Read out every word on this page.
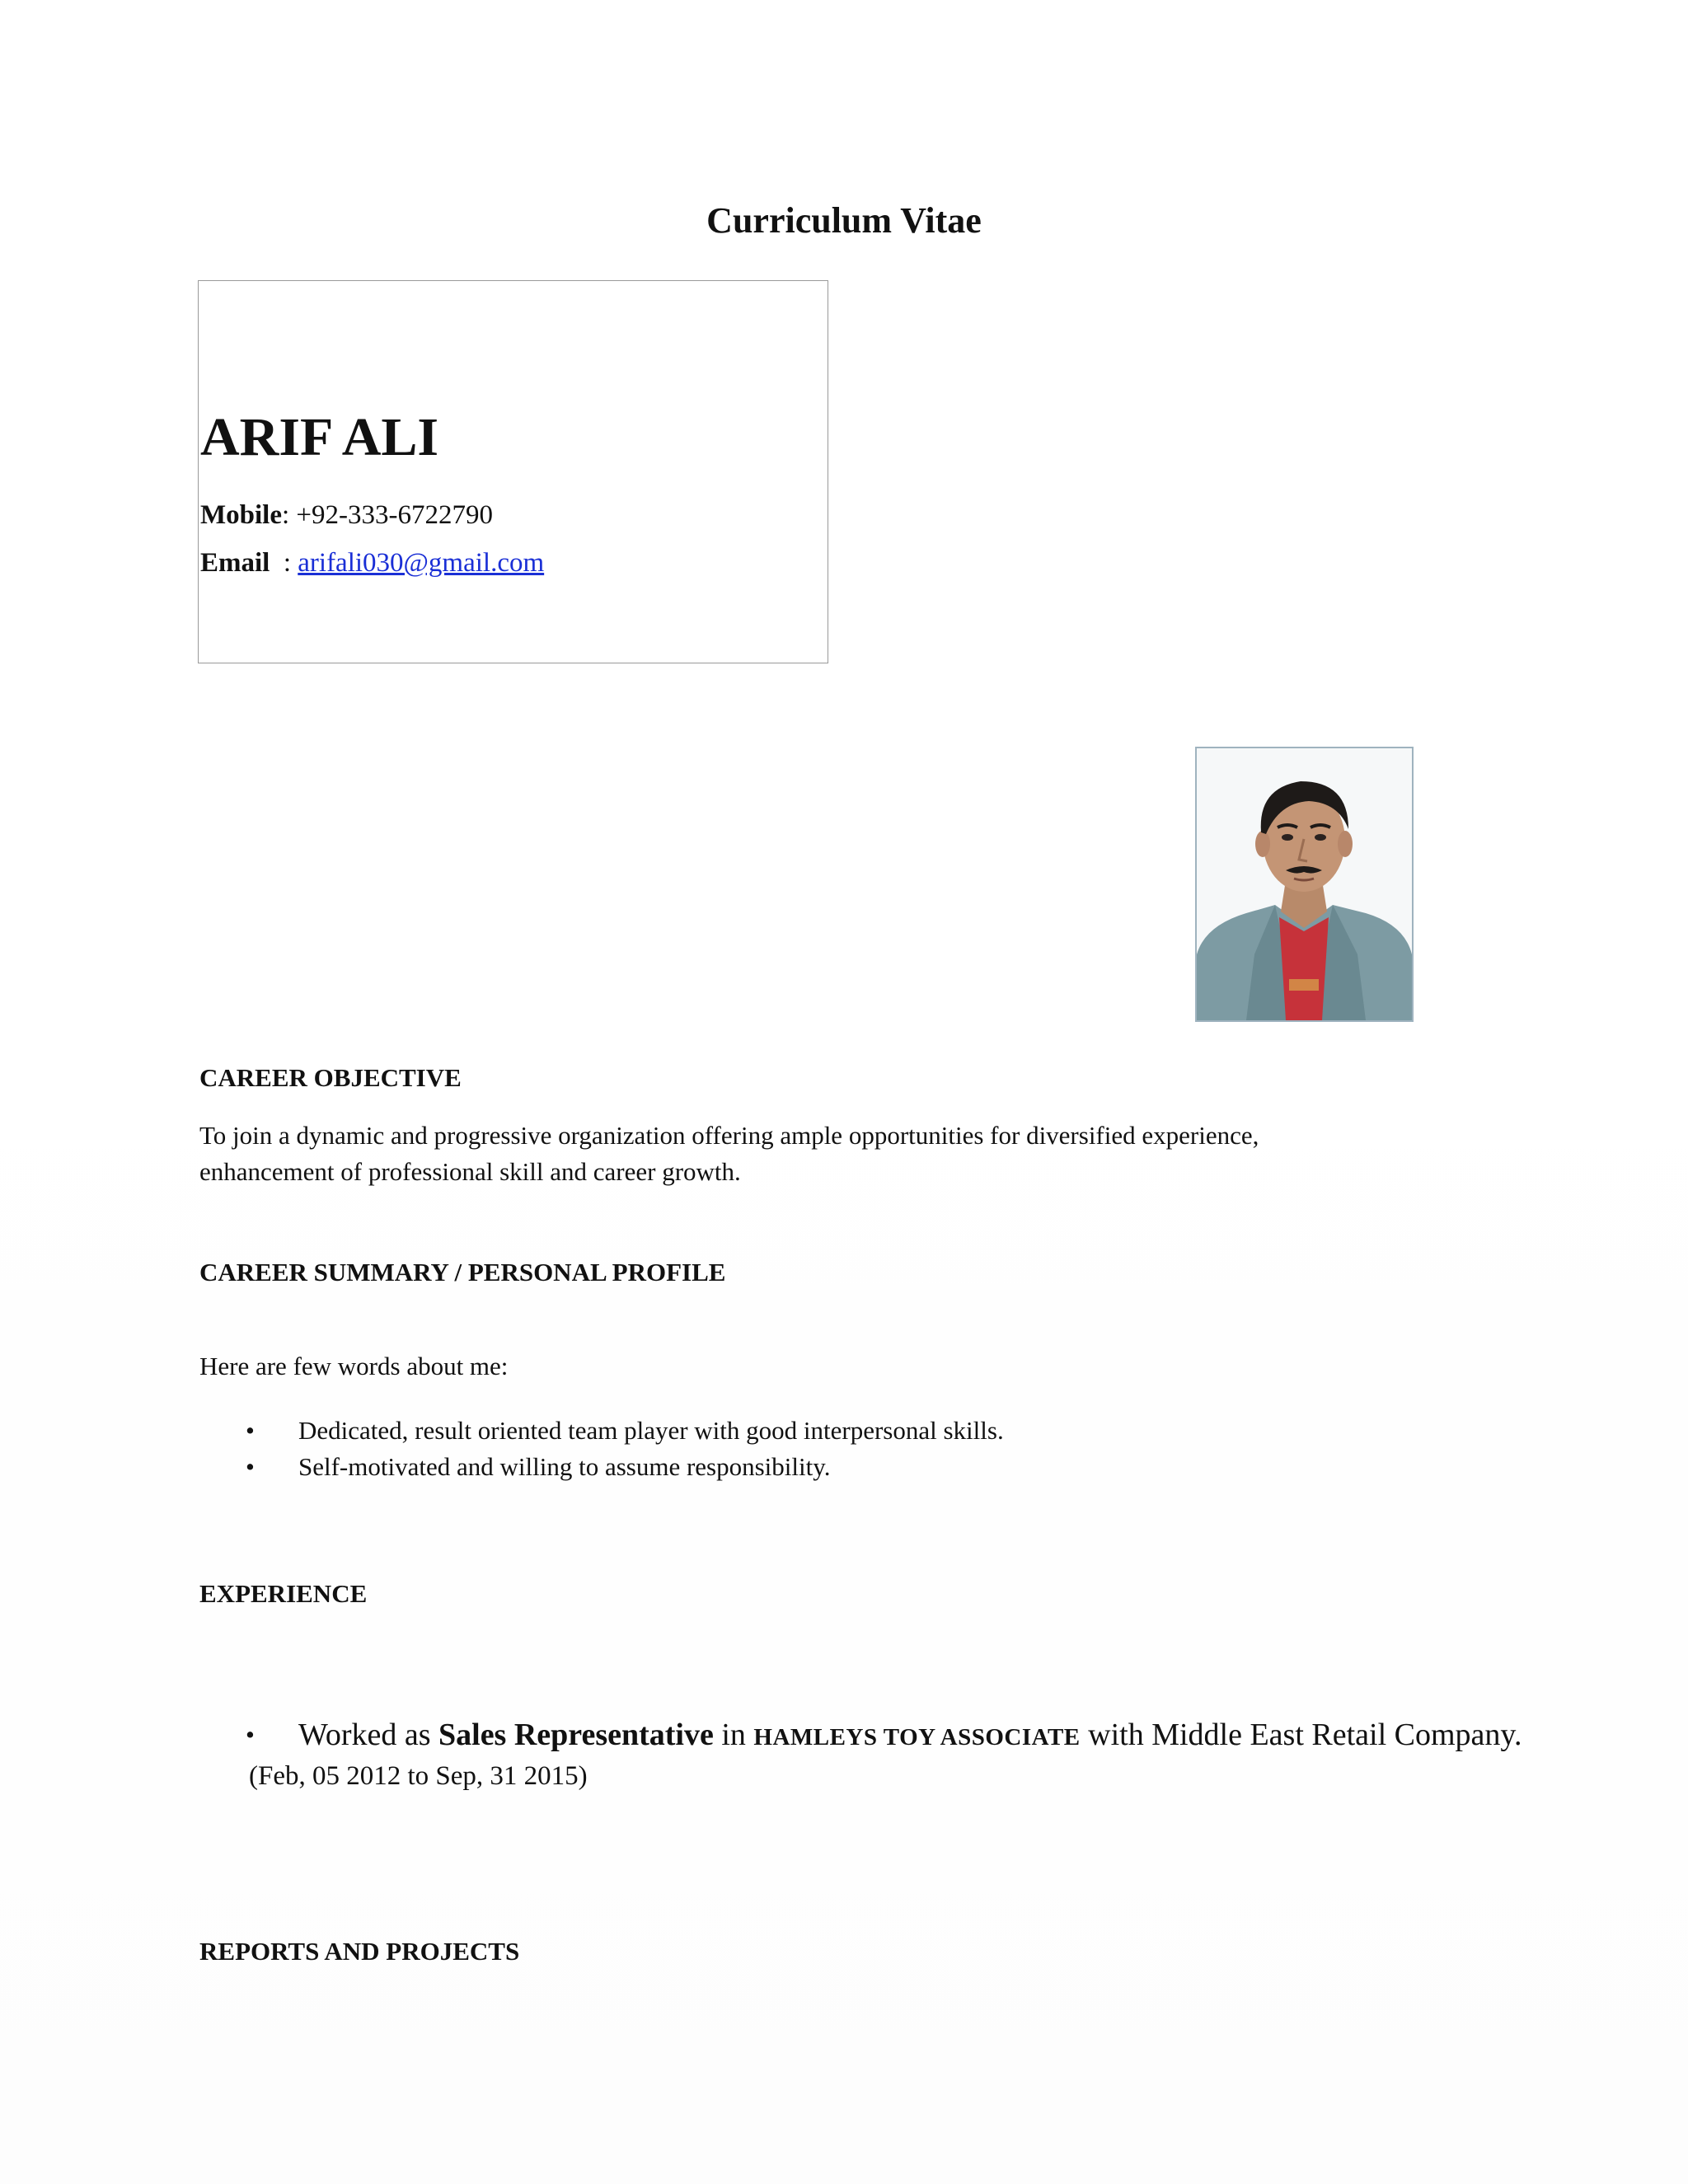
Curriculum Vitae
ARIF ALI
Mobile: +92-333-6722790
Email  : arifali030@gmail.com
CAREER OBJECTIVE
To join a dynamic and progressive organization offering ample opportunities for diversified experience,
enhancement of professional skill and career growth.
CAREER SUMMARY / PERSONAL PROFILE
Here are few words about me:
• Dedicated, result oriented team player with good interpersonal skills.
• Self-motivated and willing to assume responsibility.
EXPERIENCE
• Worked as Sales Representative in HAMLEYS TOY ASSOCIATE with Middle East Retail Company.
(Feb, 05 2012 to Sep, 31 2015)
REPORTS AND PROJECTS
